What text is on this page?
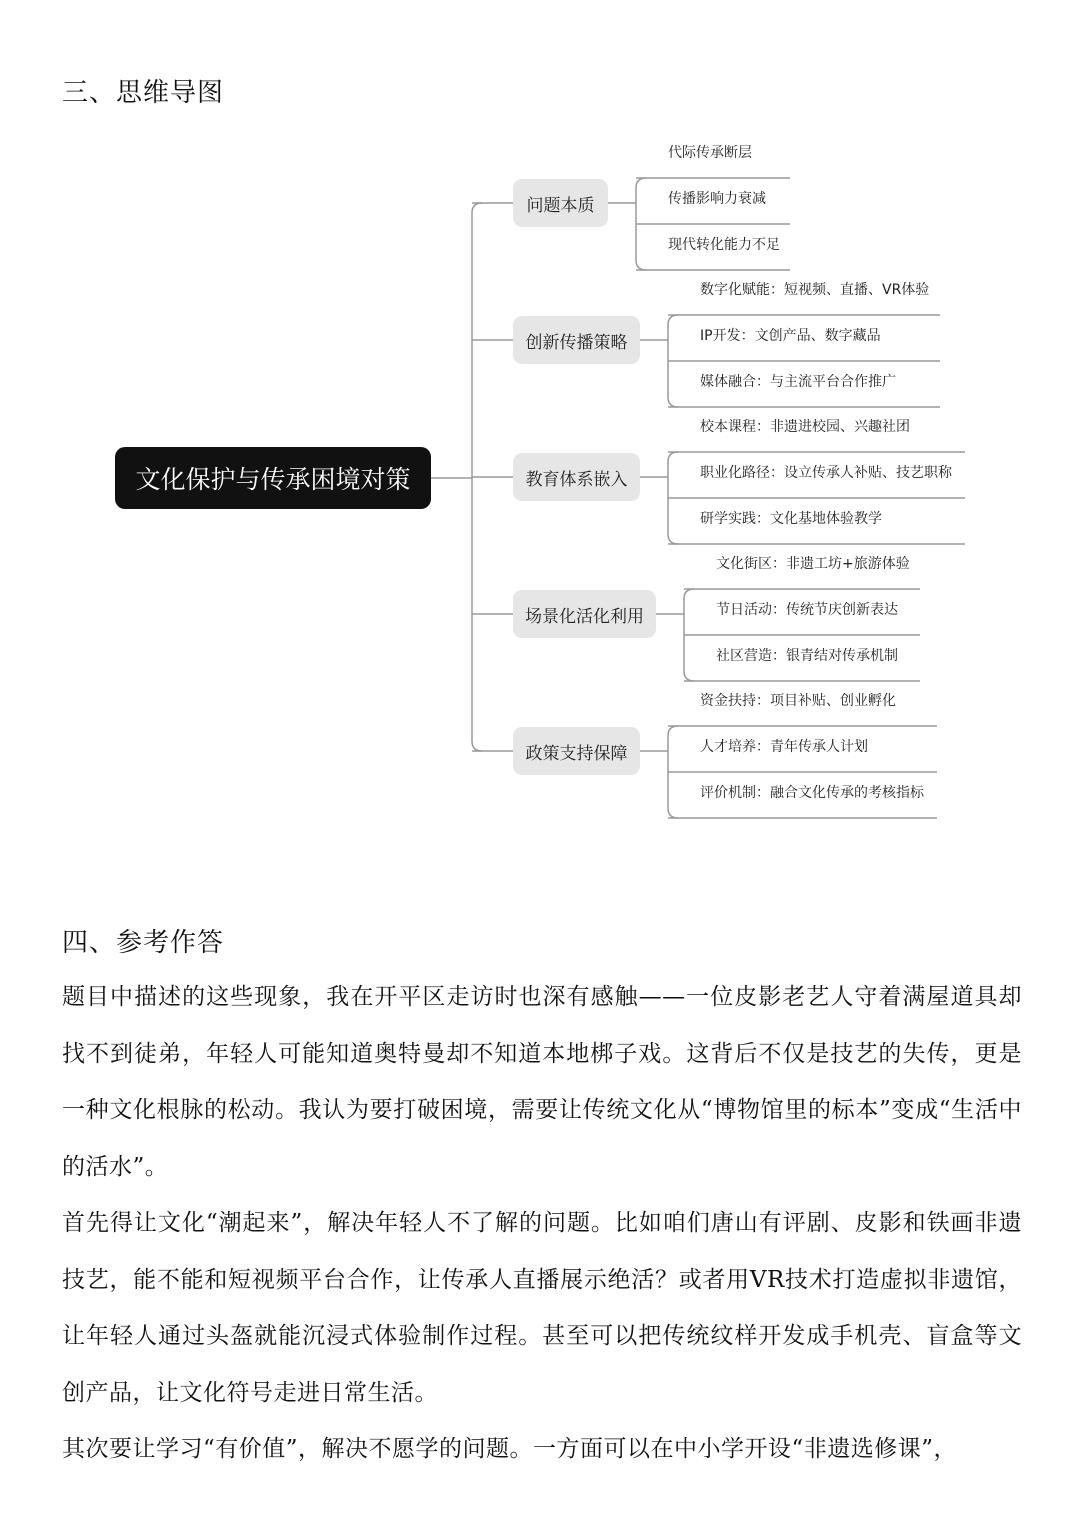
三、思维导图
文化保护与传承困境对策
问题本质
代际传承断层
传播影响力衰减
现代转化能力不足
创新传播策略
数字化赋能：短视频、直播、VR体验
IP开发：文创产品、数字藏品
媒体融合：与主流平台合作推广
教育体系嵌入
校本课程：非遗进校园、兴趣社团
职业化路径：设立传承人补贴、技艺职称
研学实践：文化基地体验教学
场景化活化利用
文化街区：非遗工坊+旅游体验
节日活动：传统节庆创新表达
社区营造：银青结对传承机制
政策支持保障
资金扶持：项目补贴、创业孵化
人才培养：青年传承人计划
评价机制：融合文化传承的考核指标
四、参考作答

题目中描述的这些现象，我在开平区走访时也深有感触——一位皮影老艺人守着满屋道具却找不到徒弟，年轻人可能知道奥特曼却不知道本地梆子戏。这背后不仅是技艺的失传，更是一种文化根脉的松动。我认为要打破困境，需要让传统文化从“博物馆里的标本”变成“生活中的活水”。

首先得让文化“潮起来”，解决年轻人不了解的问题。比如咱们唐山有评剧、皮影和铁画非遗技艺，能不能和短视频平台合作，让传承人直播展示绝活？或者用VR技术打造虚拟非遗馆，让年轻人通过头盔就能沉浸式体验制作过程。甚至可以把传统纹样开发成手机壳、盲盒等文创产品，让文化符号走进日常生活。

其次要让学习“有价值”，解决不愿学的问题。一方面可以在中小学开设“非遗选修课”，
